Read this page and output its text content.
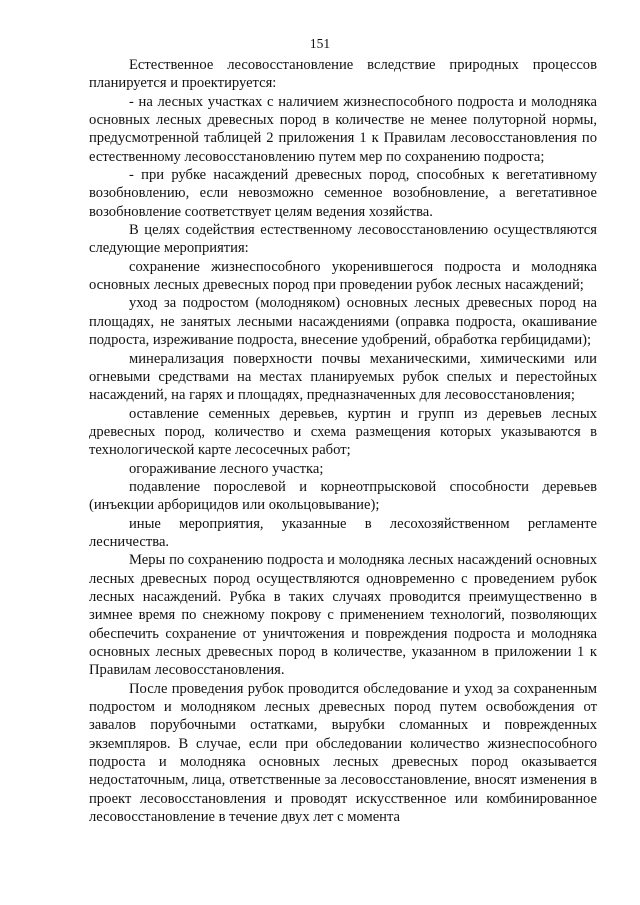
151

Естественное лесовосстановление вследствие природных процессов планируется и проектируется:

- на лесных участках с наличием жизнеспособного подроста и молодняка основных лесных древесных пород в количестве не менее полуторной нормы, предусмотренной таблицей 2 приложения 1 к Правилам лесовосстановления по естественному лесовосстановлению путем мер по сохранению подроста;

- при рубке насаждений древесных пород, способных к вегетативному возобновлению, если невозможно семенное возобновление, а вегетативное возобновление соответствует целям ведения хозяйства.

В целях содействия естественному лесовосстановлению осуществляются следующие мероприятия:

сохранение жизнеспособного укоренившегося подроста и молодняка основных лесных древесных пород при проведении рубок лесных насаждений;

уход за подростом (молодняком) основных лесных древесных пород на площадях, не занятых лесными насаждениями (оправка подроста, окашивание подроста, изреживание подроста, внесение удобрений, обработка гербицидами);

минерализация поверхности почвы механическими, химическими или огневыми средствами на местах планируемых рубок спелых и перестойных насаждений, на гарях и площадях, предназначенных для лесовосстановления;

оставление семенных деревьев, куртин и групп из деревьев лесных древесных пород, количество и схема размещения которых указываются в технологической карте лесосечных работ;

огораживание лесного участка;

подавление порослевой и корнеотпрысковой способности деревьев (инъекции арборицидов или окольцовывание);

иные мероприятия, указанные в лесохозяйственном регламенте лесничества.

Меры по сохранению подроста и молодняка лесных насаждений основных лесных древесных пород осуществляются одновременно с проведением рубок лесных насаждений. Рубка в таких случаях проводится преимущественно в зимнее время по снежному покрову с применением технологий, позволяющих обеспечить сохранение от уничтожения и повреждения подроста и молодняка основных лесных древесных пород в количестве, указанном в приложении 1 к Правилам лесовосстановления.

После проведения рубок проводится обследование и уход за сохраненным подростом и молодняком лесных древесных пород путем освобождения от завалов порубочными остатками, вырубки сломанных и поврежденных экземпляров. В случае, если при обследовании количество жизнеспособного подроста и молодняка основных лесных древесных пород оказывается недостаточным, лица, ответственные за лесовосстановление, вносят изменения в проект лесовосстановления и проводят искусственное или комбинированное лесовосстановление в течение двух лет с момента
